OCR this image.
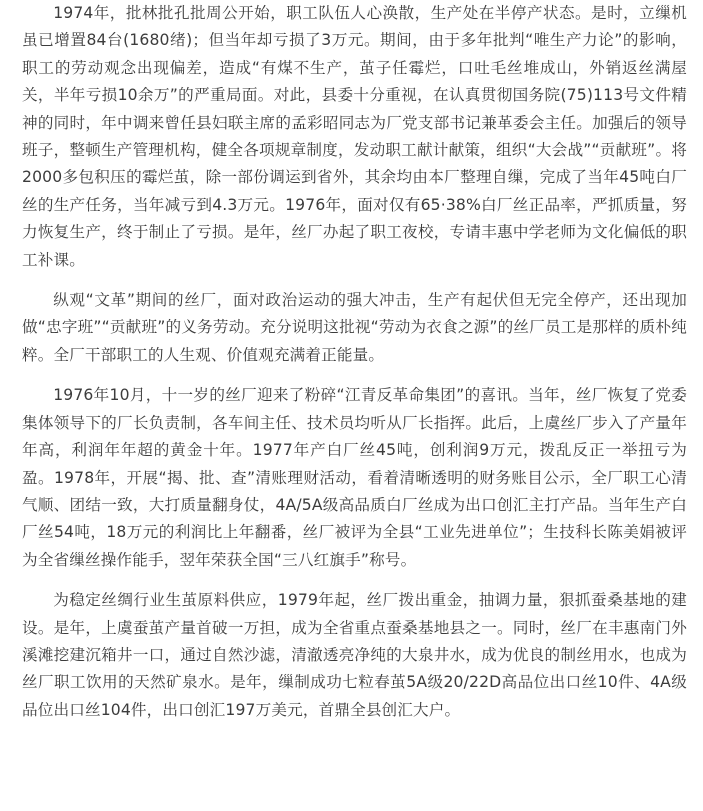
1974年，批林批孔批周公开始，职工队伍人心涣散，生产处在半停产状态。是时，立缫机虽已增置84台(1680绪)；但当年却亏损了3万元。期间，由于多年批判“唯生产力论”的影响，职工的劳动观念出现偏差，造成“有煤不生产，茧子任霉烂，口吐毛丝堆成山，外销返丝满屋关，半年亏损10余万”的严重局面。对此，县委十分重视，在认真贯彻国务院(75)113号文件精神的同时，年中调来曾任县妇联主席的孟彩昭同志为厂党支部书记兼革委会主任。加强后的领导班子，整顿生产管理机构，健全各项规章制度，发动职工献计献策，组织“大会战”“贡献班”。将2000多包积压的霉烂茧，除一部份调运到省外，其余均由本厂整理自缫，完成了当年45吨白厂丝的生产任务，当年减亏到4.3万元。1976年，面对仅有65·38%白厂丝正品率，严抓质量，努力恢复生产，终于制止了亏损。是年，丝厂办起了职工夜校，专请丰惠中学老师为文化偏低的职工补课。

纵观“文革”期间的丝厂，面对政治运动的强大冲击，生产有起伏但无完全停产，还出现加做“忠字班”“贡献班”的义务劳动。充分说明这批视“劳动为衣食之源”的丝厂员工是那样的质朴纯粹。全厂干部职工的人生观、价值观充满着正能量。

1976年10月，十一岁的丝厂迎来了粉碎“江青反革命集团”的喜讯。当年，丝厂恢复了党委集体领导下的厂长负责制，各车间主任、技术员均听从厂长指挥。此后，上虞丝厂步入了产量年年高，利润年年超的黄金十年。1977年产白厂丝45吨，创利润9万元，拨乱反正一举扭亏为盈。1978年，开展“揭、批、查”清账理财活动，看着清晰透明的财务账目公示，全厂职工心清气顺、团结一致，大打质量翻身仗，4A/5A级高品质白厂丝成为出口创汇主打产品。当年生产白厂丝54吨，18万元的利润比上年翻番，丝厂被评为全县“工业先进单位”；生技科长陈美娟被评为全省缫丝操作能手，翌年荣获全国“三八红旗手”称号。

为稳定丝绸行业生茧原料供应，1979年起，丝厂拨出重金，抽调力量，狠抓蚕桑基地的建设。是年，上虞蚕茧产量首破一万担，成为全省重点蚕桑基地县之一。同时，丝厂在丰惠南门外溪滩挖建沉箱井一口，通过自然沙滤，清澈透亮净纯的大泉井水，成为优良的制丝用水，也成为丝厂职工饮用的天然矿泉水。是年，缫制成功七粒春茧5A级20/22D高品位出口丝10件、4A级品位出口丝104件，出口创汇197万美元，首鼎全县创汇大户。
